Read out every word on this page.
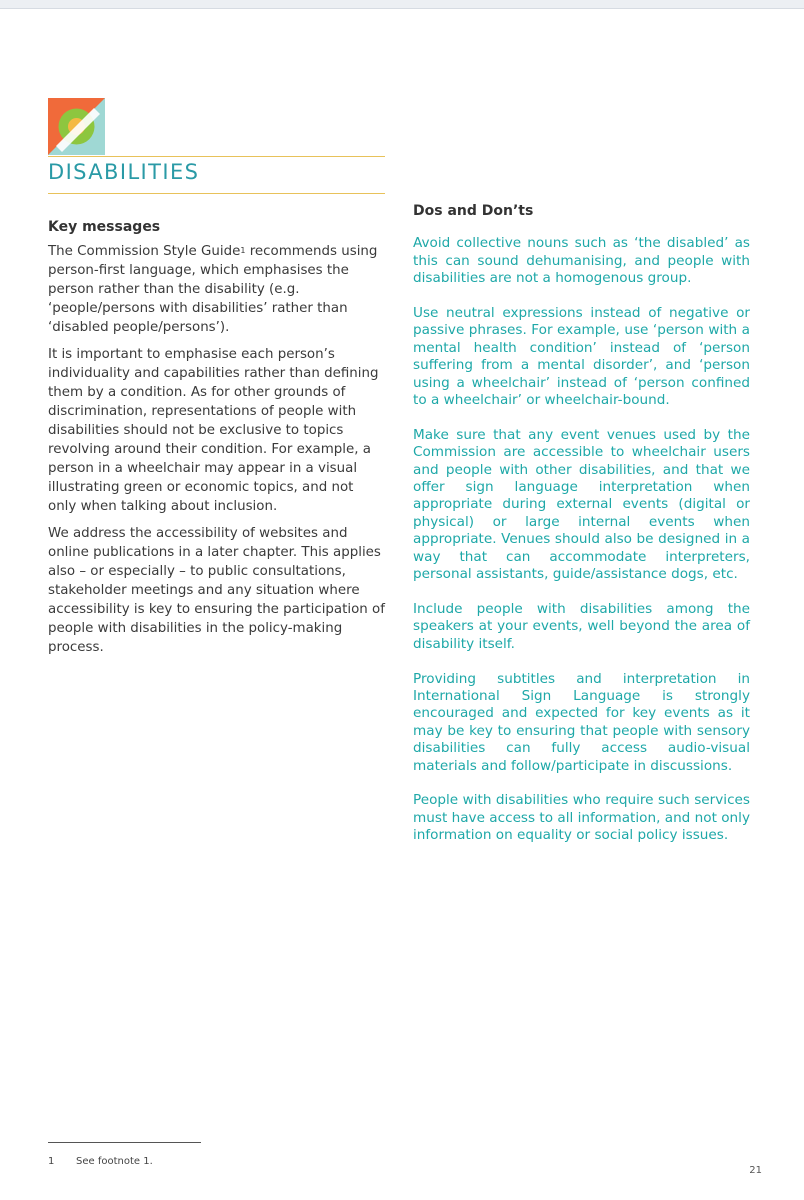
DISABILITIES
Key messages

The Commission Style Guide$^1$ recommends using person-first language, which emphasises the person rather than the disability (e.g. ‘people/persons with disabilities’ rather than ‘disabled people/persons’).

It is important to emphasise each person’s individuality and capabilities rather than defining them by a condition. As for other grounds of discrimination, representations of people with disabilities should not be exclusive to topics revolving around their condition. For example, a person in a wheelchair may appear in a visual illustrating green or economic topics, and not only when talking about inclusion.

We address the accessibility of websites and online publications in a later chapter. This applies also – or especially – to public consultations, stakeholder meetings and any situation where accessibility is key to ensuring the participation of people with disabilities in the policy-making process.

Dos and Don’ts

Avoid collective nouns such as ‘the disabled’ as this can sound dehumanising, and people with disabilities are not a homogenous group.

Use neutral expressions instead of negative or passive phrases. For example, use ‘person with a mental health condition’ instead of ‘person suffering from a mental disorder’, and ‘person using a wheelchair’ instead of ‘person confined to a wheelchair’ or wheelchair-bound.

Make sure that any event venues used by the Commission are accessible to wheelchair users and people with other disabilities, and that we offer sign language interpretation when appropriate during external events (digital or physical) or large internal events when appropriate. Venues should also be designed in a way that can accommodate interpreters, personal assistants, guide/assistance dogs, etc.

Include people with disabilities among the speakers at your events, well beyond the area of disability itself.

Providing subtitles and interpretation in International Sign Language is strongly encouraged and expected for key events as it may be key to ensuring that people with sensory disabilities can fully access audio-visual materials and follow/participate in discussions.

People with disabilities who require such services must have access to all information, and not only information on equality or social policy issues.

1 See footnote 1.
21
